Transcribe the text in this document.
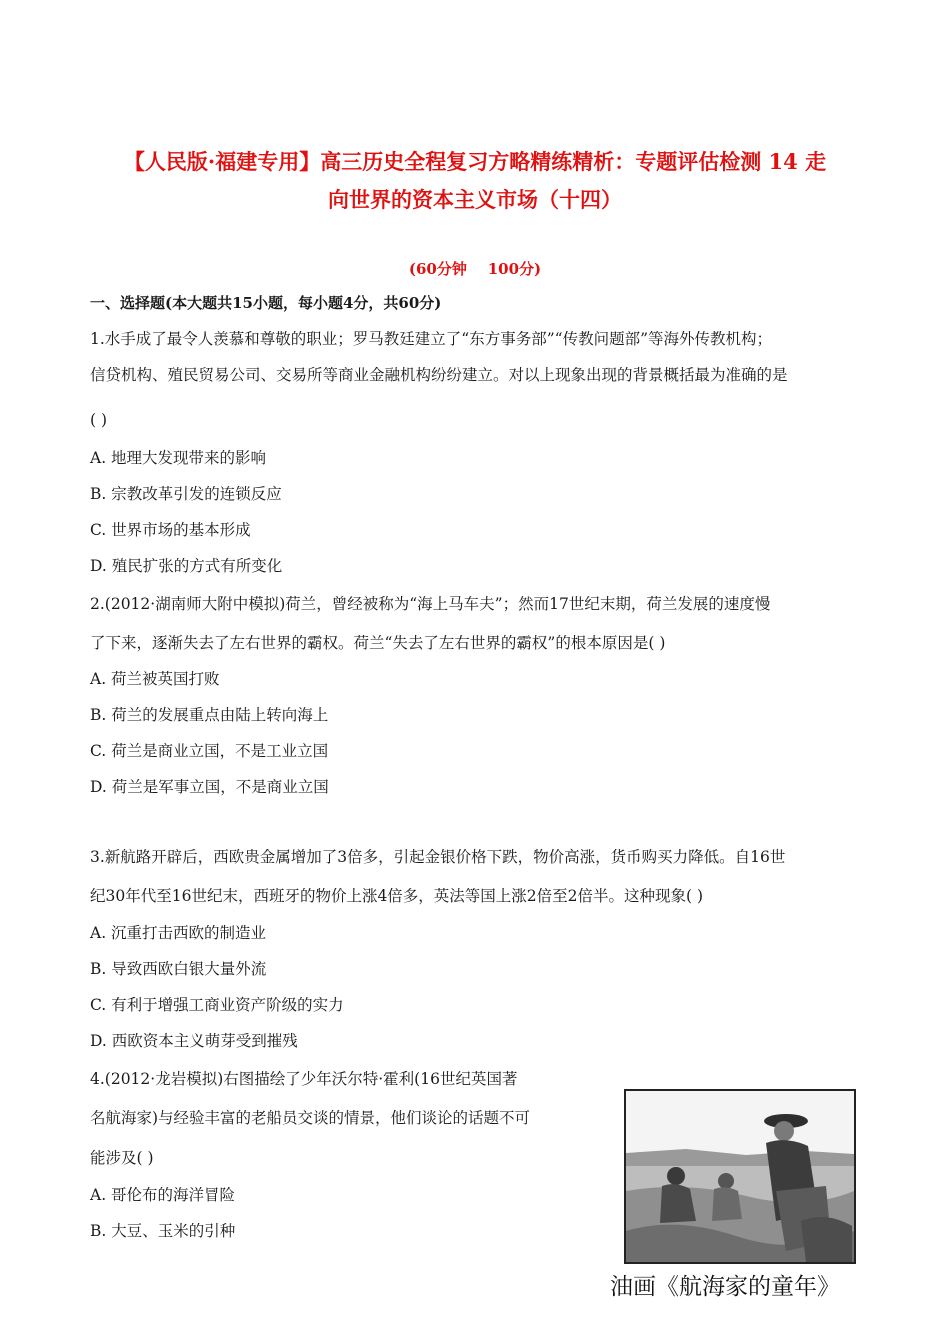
【人民版·福建专用】高三历史全程复习方略精练精析：专题评估检测 14 走
向世界的资本主义市场（十四）
(60分钟    100分)
一、选择题(本大题共15小题，每小题4分，共60分)
1.水手成了最令人羡慕和尊敬的职业；罗马教廷建立了“东方事务部”“传教问题部”等海外传教机构；
信贷机构、殖民贸易公司、交易所等商业金融机构纷纷建立。对以上现象出现的背景概括最为准确的是
( )
A. 地理大发现带来的影响
B. 宗教改革引发的连锁反应
C. 世界市场的基本形成
D. 殖民扩张的方式有所变化
2.(2012·湖南师大附中模拟)荷兰，曾经被称为“海上马车夫”；然而17世纪末期，荷兰发展的速度慢
了下来，逐渐失去了左右世界的霸权。荷兰“失去了左右世界的霸权”的根本原因是( )
A. 荷兰被英国打败
B. 荷兰的发展重点由陆上转向海上
C. 荷兰是商业立国，不是工业立国
D. 荷兰是军事立国，不是商业立国
3.新航路开辟后，西欧贵金属增加了3倍多，引起金银价格下跌，物价高涨，货币购买力降低。自16世
纪30年代至16世纪末，西班牙的物价上涨4倍多，英法等国上涨2倍至2倍半。这种现象( )
A. 沉重打击西欧的制造业
B. 导致西欧白银大量外流
C. 有利于增强工商业资产阶级的实力
D. 西欧资本主义萌芽受到摧残
4.(2012·龙岩模拟)右图描绘了少年沃尔特·霍利(16世纪英国著
名航海家)与经验丰富的老船员交谈的情景，他们谈论的话题不可
能涉及( )
A. 哥伦布的海洋冒险
B. 大豆、玉米的引种
油画《航海家的童年》
